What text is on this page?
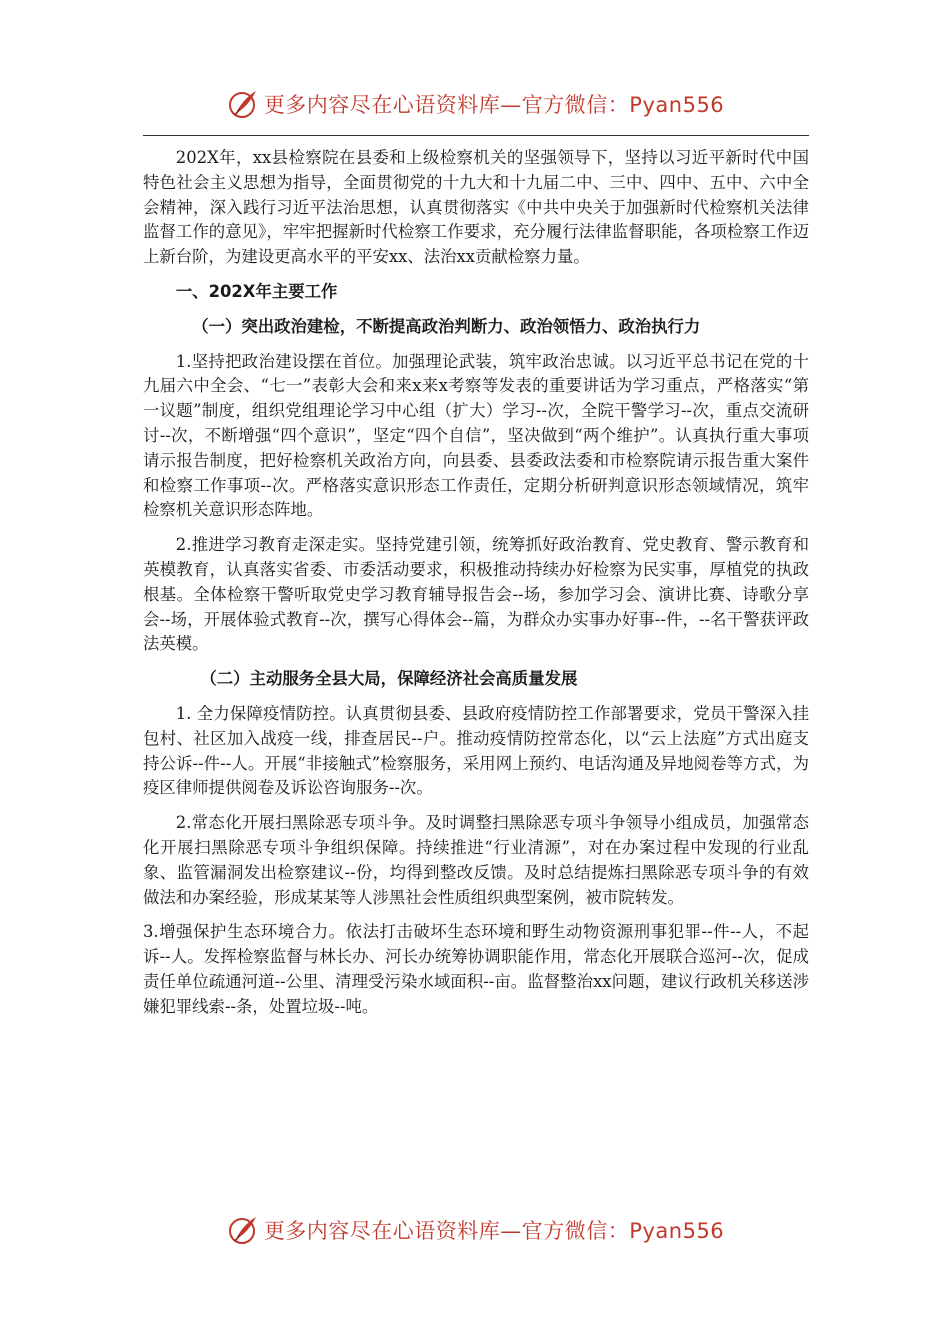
更多内容尽在心语资料库—官方微信：Pyan556

202X年，xx县检察院在县委和上级检察机关的坚强领导下，坚持以习近平新时代中国特色社会主义思想为指导，全面贯彻党的十九大和十九届二中、三中、四中、五中、六中全会精神，深入践行习近平法治思想，认真贯彻落实《中共中央关于加强新时代检察机关法律监督工作的意见》，牢牢把握新时代检察工作要求，充分履行法律监督职能，各项检察工作迈上新台阶，为建设更高水平的平安xx、法治xx贡献检察力量。

一、202X年主要工作

（一）突出政治建检，不断提高政治判断力、政治领悟力、政治执行力

1.坚持把政治建设摆在首位。加强理论武装，筑牢政治忠诚。以习近平总书记在党的十九届六中全会、“七一”表彰大会和来x来x考察等发表的重要讲话为学习重点，严格落实“第一议题”制度，组织党组理论学习中心组（扩大）学习--次，全院干警学习--次，重点交流研讨--次，不断增强“四个意识”，坚定“四个自信”，坚决做到“两个维护”。认真执行重大事项请示报告制度，把好检察机关政治方向，向县委、县委政法委和市检察院请示报告重大案件和检察工作事项--次。严格落实意识形态工作责任，定期分析研判意识形态领域情况，筑牢检察机关意识形态阵地。

2.推进学习教育走深走实。坚持党建引领，统筹抓好政治教育、党史教育、警示教育和英模教育，认真落实省委、市委活动要求，积极推动持续办好检察为民实事，厚植党的执政根基。全体检察干警听取党史学习教育辅导报告会--场，参加学习会、演讲比赛、诗歌分享会--场，开展体验式教育--次，撰写心得体会--篇，为群众办实事办好事--件，--名干警获评政法英模。

（二）主动服务全县大局，保障经济社会高质量发展

1. 全力保障疫情防控。认真贯彻县委、县政府疫情防控工作部署要求，党员干警深入挂包村、社区加入战疫一线，排查居民--户。推动疫情防控常态化，以“云上法庭”方式出庭支持公诉--件--人。开展“非接触式”检察服务，采用网上预约、电话沟通及异地阅卷等方式，为疫区律师提供阅卷及诉讼咨询服务--次。

2.常态化开展扫黑除恶专项斗争。及时调整扫黑除恶专项斗争领导小组成员，加强常态化开展扫黑除恶专项斗争组织保障。持续推进“行业清源”，对在办案过程中发现的行业乱象、监管漏洞发出检察建议--份，均得到整改反馈。及时总结提炼扫黑除恶专项斗争的有效做法和办案经验，形成某某等人涉黑社会性质组织典型案例，被市院转发。

3.增强保护生态环境合力。依法打击破坏生态环境和野生动物资源刑事犯罪--件--人，不起诉--人。发挥检察监督与林长办、河长办统筹协调职能作用，常态化开展联合巡河--次，促成责任单位疏通河道--公里、清理受污染水域面积--亩。监督整治xx问题，建议行政机关移送涉嫌犯罪线索--条，处置垃圾--吨。

更多内容尽在心语资料库—官方微信：Pyan556
